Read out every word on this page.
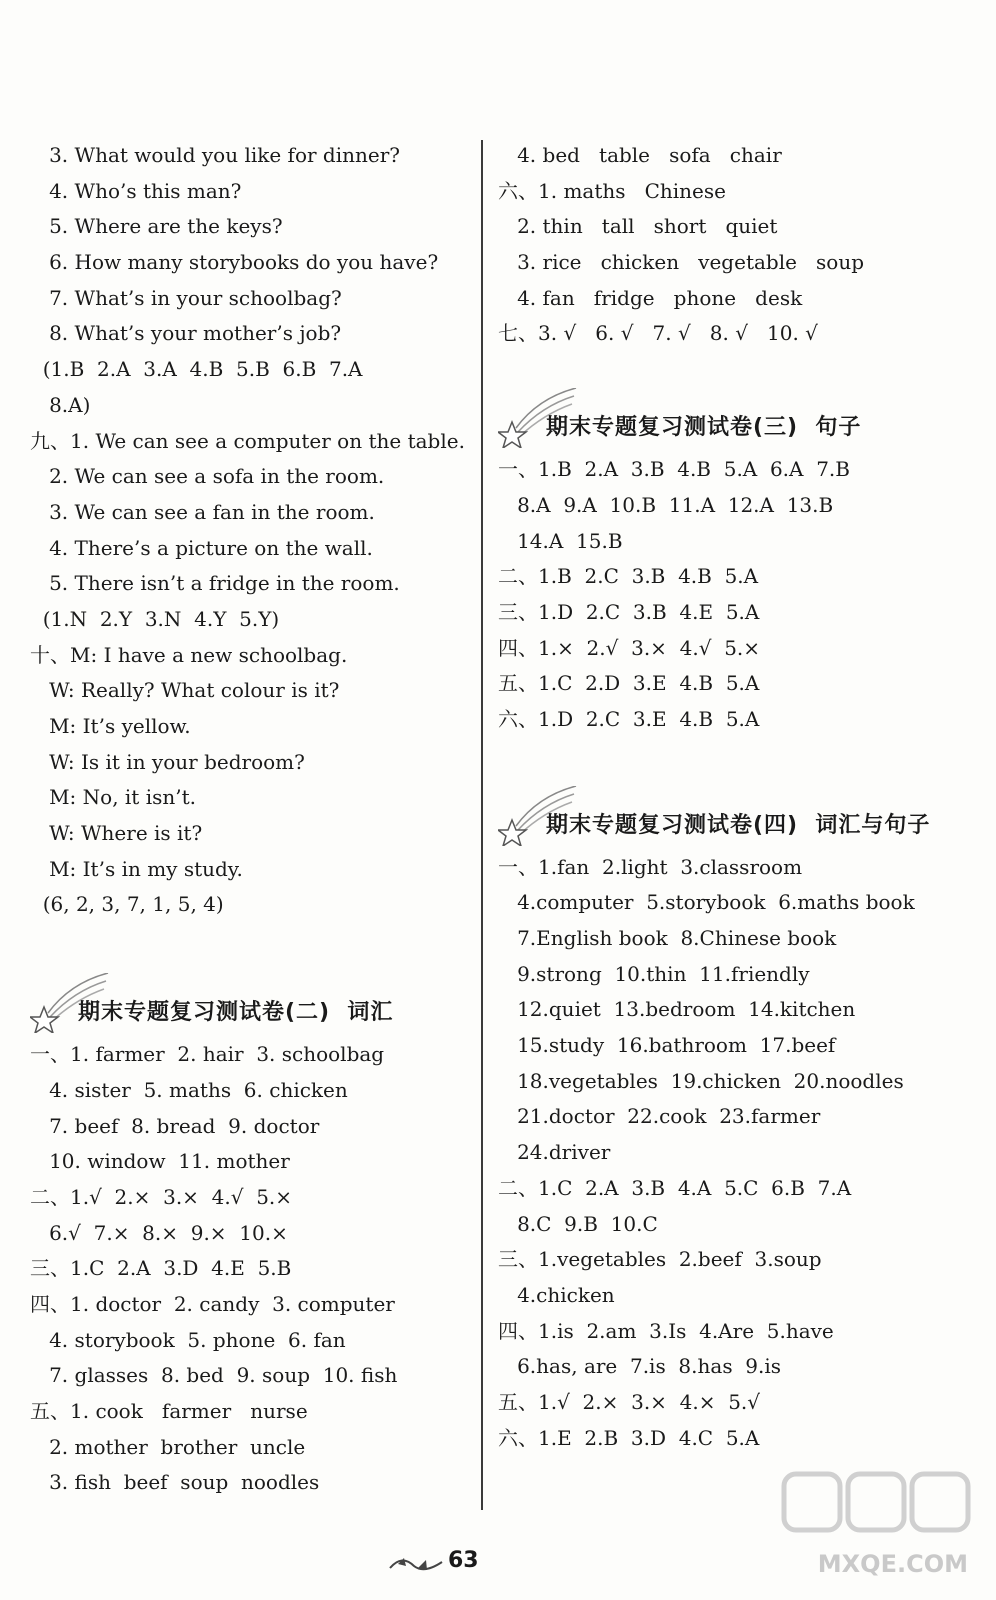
3. What would you like for dinner?
4. Who’s this man?
5. Where are the keys?
6. How many storybooks do you have?
7. What’s in your schoolbag?
8. What’s your mother’s job?
(1.B  2.A  3.A  4.B  5.B  6.B  7.A
8.A)
九、1. We can see a computer on the table.
2. We can see a sofa in the room.
3. We can see a fan in the room.
4. There’s a picture on the wall.
5. There isn’t a fridge in the room.
(1.N  2.Y  3.N  4.Y  5.Y)
十、M: I have a new schoolbag.
W: Really? What colour is it?
M: It’s yellow.
W: Is it in your bedroom?
M: No, it isn’t.
W: Where is it?
M: It’s in my study.
(6, 2, 3, 7, 1, 5, 4)
期末专题复习测试卷(二)  词汇
一、1. farmer  2. hair  3. schoolbag
4. sister  5. maths  6. chicken
7. beef  8. bread  9. doctor
10. window  11. mother
二、1.√  2.×  3.×  4.√  5.×
6.√  7.×  8.×  9.×  10.×
三、1.C  2.A  3.D  4.E  5.B
四、1. doctor  2. candy  3. computer
4. storybook  5. phone  6. fan
7. glasses  8. bed  9. soup  10. fish
五、1. cook   farmer   nurse
2. mother  brother  uncle
3. fish  beef  soup  noodles
4. bed   table   sofa   chair
六、1. maths   Chinese
2. thin   tall   short   quiet
3. rice   chicken   vegetable   soup
4. fan   fridge   phone   desk
七、3. √   6. √   7. √   8. √   10. √
期末专题复习测试卷(三)  句子
一、1.B  2.A  3.B  4.B  5.A  6.A  7.B
8.A  9.A  10.B  11.A  12.A  13.B
14.A  15.B
二、1.B  2.C  3.B  4.B  5.A
三、1.D  2.C  3.B  4.E  5.A
四、1.×  2.√  3.×  4.√  5.×
五、1.C  2.D  3.E  4.B  5.A
六、1.D  2.C  3.E  4.B  5.A
期末专题复习测试卷(四)  词汇与句子
一、1.fan  2.light  3.classroom
4.computer  5.storybook  6.maths book
7.English book  8.Chinese book
9.strong  10.thin  11.friendly
12.quiet  13.bedroom  14.kitchen
15.study  16.bathroom  17.beef
18.vegetables  19.chicken  20.noodles
21.doctor  22.cook  23.farmer
24.driver
二、1.C  2.A  3.B  4.A  5.C  6.B  7.A
8.C  9.B  10.C
三、1.vegetables  2.beef  3.soup
4.chicken
四、1.is  2.am  3.Is  4.Are  5.have
6.has, are  7.is  8.has  9.is
五、1.√  2.×  3.×  4.×  5.√
六、1.E  2.B  3.D  4.C  5.A
63	MXQE.COM
